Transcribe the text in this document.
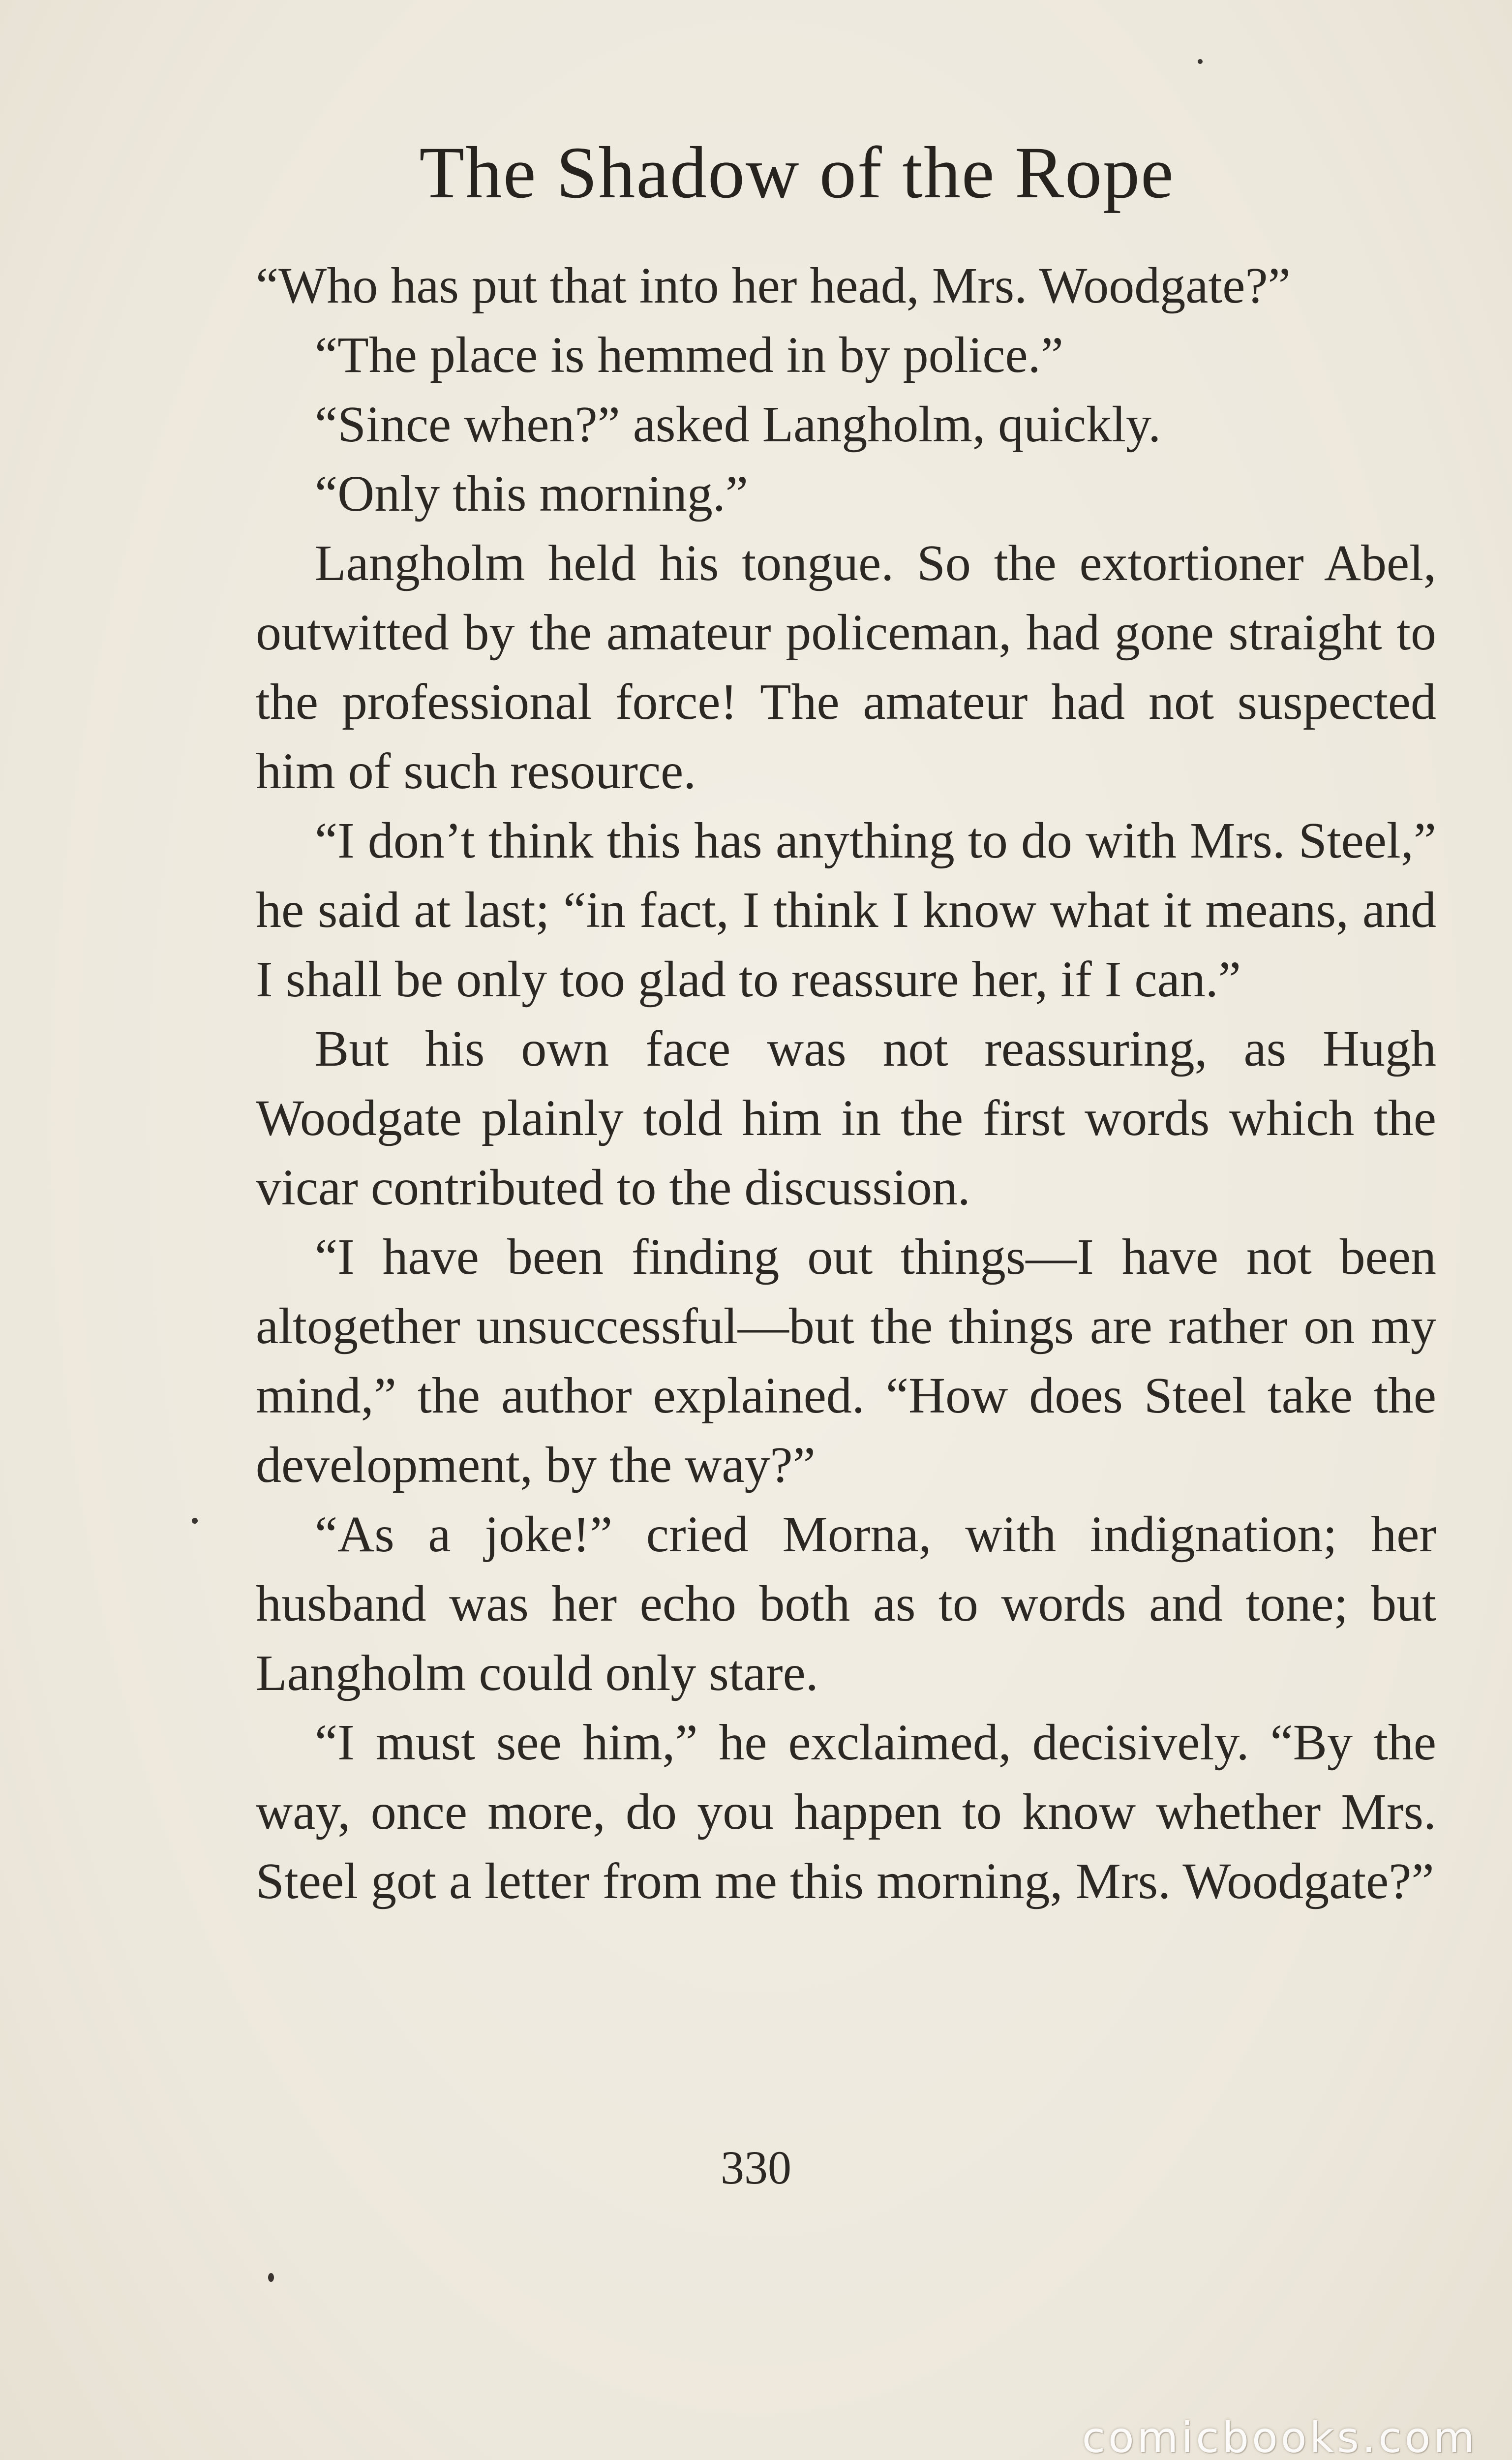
The Shadow of the Rope

“Who has put that into her head, Mrs. Woodgate?”

“The place is hemmed in by police.”

“Since when?” asked Langholm, quickly.

“Only this morning.”

Langholm held his tongue. So the extortioner Abel, outwitted by the amateur policeman, had gone straight to the professional force! The amateur had not suspected him of such resource.

“I don’t think this has anything to do with Mrs. Steel,” he said at last; “in fact, I think I know what it means, and I shall be only too glad to reassure her, if I can.”

But his own face was not reassuring, as Hugh Woodgate plainly told him in the first words which the vicar contributed to the discussion.

“I have been finding out things—I have not been altogether unsuccessful—but the things are rather on my mind,” the author explained. “How does Steel take the development, by the way?”

“As a joke!” cried Morna, with indignation; her husband was her echo both as to words and tone; but Langholm could only stare.

“I must see him,” he exclaimed, decisively. “By the way, once more, do you happen to know whether Mrs. Steel got a letter from me this morning, Mrs. Woodgate?”

330
comicbooks.com
